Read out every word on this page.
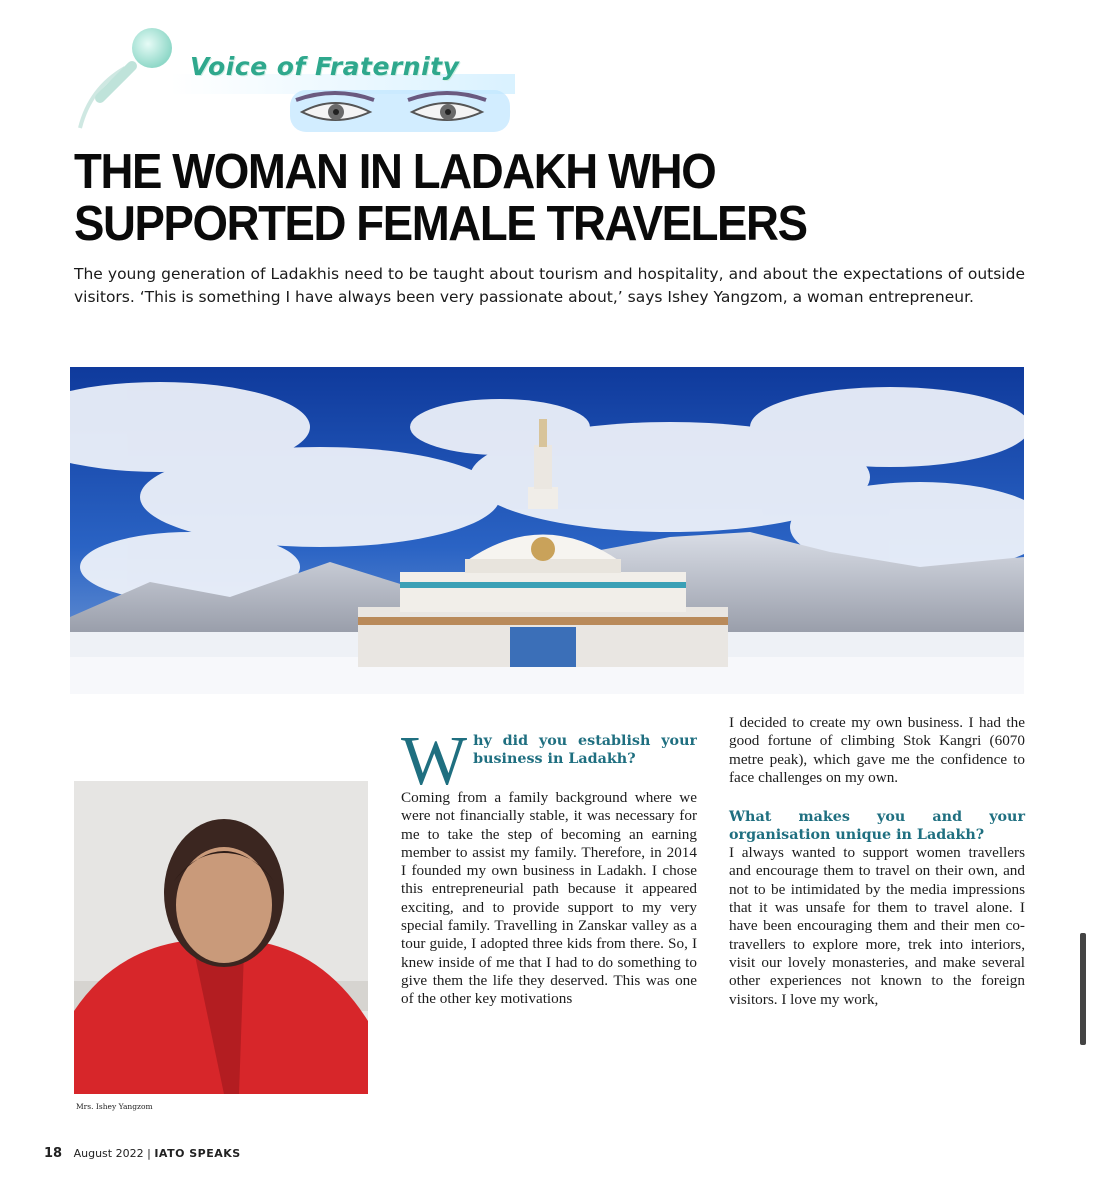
Voice of Fraternity
THE WOMAN IN LADAKH WHO SUPPORTED FEMALE TRAVELERS

The young generation of Ladakhis need to be taught about tourism and hospitality, and about the expectations of outside visitors. ‘This is something I have always been very passionate about,’ says Ishey Yangzom, a woman entrepreneur.

Mrs. Ishey Yangzom
W hy did you establish your business in Ladakh?

Coming from a family background where we were not financially stable, it was necessary for me to take the step of becoming an earning member to assist my family. Therefore, in 2014 I founded my own business in Ladakh. I chose this entrepreneurial path because it appeared exciting, and to provide support to my very special family. Travelling in Zanskar valley as a tour guide, I adopted three kids from there. So, I knew inside of me that I had to do something to give them the life they deserved. This was one of the other key motivations

I decided to create my own business. I had the good fortune of climbing Stok Kangri (6070 metre peak), which gave me the confidence to face challenges on my own.

What makes you and your organisation unique in Ladakh?

I always wanted to support women travellers and encourage them to travel on their own, and not to be intimidated by the media impressions that it was unsafe for them to travel alone. I have been encouraging them and their men co-travellers to explore more, trek into interiors, visit our lovely monasteries, and make several other experiences not known to the foreign visitors. I love my work,

18 August 2022 | IATO SPEAKS
